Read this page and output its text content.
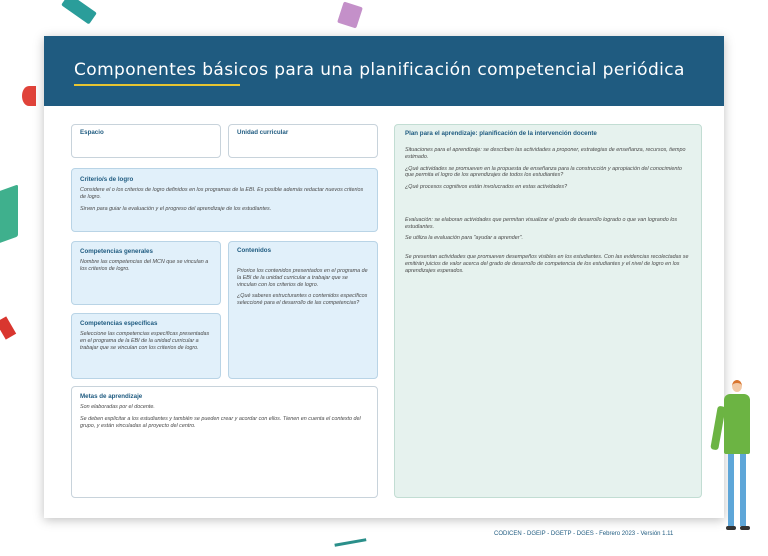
Componentes básicos para una planificación competencial periódica
Espacio	Unidad curricular
Criterio/s de logro
Considere el o los criterios de logro definidos en los programas de la EBI. Es posible además redactar nuevos criterios de logro.
Sirven para guiar la evaluación y el progreso del aprendizaje de los estudiantes.
Competencias generales
Nombre las competencias del MCN que se vinculan a los criterios de logro.
Contenidos
Priorice los contenidos presentados en el programa de la EBI de la unidad curricular a trabajar que se vinculan con los criterios de logro.
¿Qué saberes estructurantes o contenidos específicos seleccioné para el desarrollo de las competencias?
Competencias específicas
Seleccione las competencias específicas presentadas en el programa de la EBI de la unidad curricular a trabajar que se vinculan con los criterios de logro.
Metas de aprendizaje
Son elaboradas por el docente.
Se deben explicitar a los estudiantes y también se pueden crear y acordar con ellos. Tienen en cuenta el contexto del grupo, y están vinculadas al proyecto del centro.
Plan para el aprendizaje: planificación de la intervención docente
Situaciones para el aprendizaje: se describen las actividades a proponer, estrategias de enseñanza, recursos, tiempo estimado.
¿Qué actividades se promueven en la propuesta de enseñanza para la construcción y apropiación del conocimiento que permita el logro de los aprendizajes de todos los estudiantes?
¿Qué procesos cognitivos están involucrados en estas actividades?
Evaluación: se elaboran actividades que permitan visualizar el grado de desarrollo logrado o que van logrando los estudiantes.
Se utiliza la evaluación para "ayudar a aprender".
Se presentan actividades que promueven desempeños visibles en los estudiantes. Con las evidencias recolectadas se emitirán juicios de valor acerca del grado de desarrollo de competencia de los estudiantes y el nivel de logro en los aprendizajes esperados.
CODICEN - DGEIP - DGETP - DGES - Febrero 2023 - Versión 1.11
